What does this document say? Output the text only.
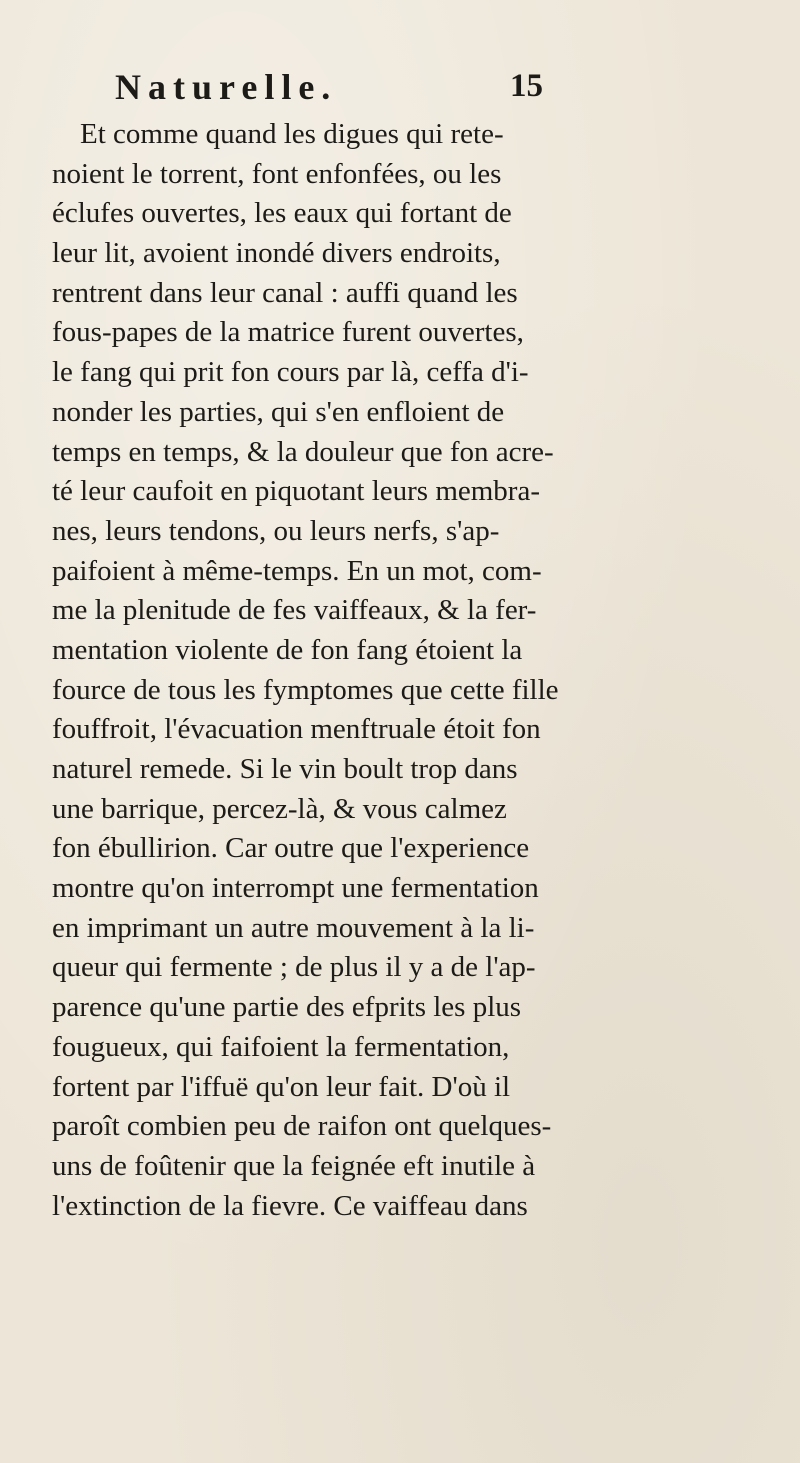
Naturelle.	15
Et comme quand les digues qui rete-
noient le torrent, font enfonfées, ou les
éclufes ouvertes, les eaux qui fortant de
leur lit, avoient inondé divers endroits,
rentrent dans leur canal : auffi quand les
fous-papes de la matrice furent ouvertes,
le fang qui prit fon cours par là, ceffa d'i-
nonder les parties, qui s'en enfloient de
temps en temps, & la douleur que fon acre-
té leur caufoit en piquotant leurs membra-
nes, leurs tendons, ou leurs nerfs, s'ap-
paifoient à même-temps. En un mot, com-
me la plenitude de fes vaiffeaux, & la fer-
mentation violente de fon fang étoient la
fource de tous les fymptomes que cette fille
fouffroit, l'évacuation menftruale étoit fon
naturel remede. Si le vin boult trop dans
une barrique, percez-là, & vous calmez
fon ébullirion. Car outre que l'experience
montre qu'on interrompt une fermentation
en imprimant un autre mouvement à la li-
queur qui fermente ; de plus il y a de l'ap-
parence qu'une partie des efprits les plus
fougueux, qui faifoient la fermentation,
fortent par l'iffuë qu'on leur fait. D'où il
paroît combien peu de raifon ont quelques-
uns de foûtenir que la feignée eft inutile à
l'extinction de la fievre. Ce vaiffeau dans
